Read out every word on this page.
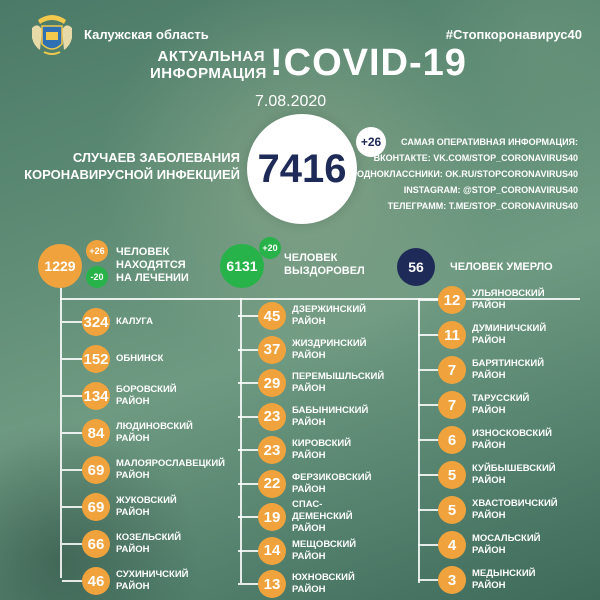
Калужская область	#Стопкоронавирус40
АКТУАЛЬНАЯ
ИНФОРМАЦИЯ !COVID-19
7.08.2020
СЛУЧАЕВ ЗАБОЛЕВАНИЯ
КОРОНАВИРУСНОЙ ИНФЕКЦИЕЙ 7416
+26	САМАЯ ОПЕРАТИВНАЯ ИНФОРМАЦИЯ:
ВКОНТАКТЕ: VK.COM/STOP_CORONAVIRUS40
ОДНОКЛАССНИКИ: OK.RU/STOPCORONAVIRUS40
INSTAGRAM: @STOP_CORONAVIRUS40
ТЕЛЕГРАММ: T.ME/STOP_CORONAVIRUS40
1229
+26
-20
ЧЕЛОВЕК
НАХОДЯТСЯ
НА ЛЕЧЕНИИ
6131
+20
ЧЕЛОВЕК
ВЫЗДОРОВЕЛ	56 ЧЕЛОВЕК УМЕРЛО
324 КАЛУГА
152 ОБНИНСК
134 БОРОВСКИЙ РАЙОН
84	ЛЮДИНОВСКИЙ РАЙОН
69	МАЛОЯРОСЛАВЕЦКИЙ
РАЙОН
69	ЖУКОВСКИЙ РАЙОН
66	КОЗЕЛЬСКИЙ РАЙОН
46	СУХИНИЧСКИЙ РАЙОН
45	ДЗЕРЖИНСКИЙ РАЙОН
37	ЖИЗДРИНСКИЙ РАЙОН
29	ПЕРЕМЫШЛЬСКИЙ
РАЙОН
23	БАБЫНИНСКИЙ РАЙОН
23	КИРОВСКИЙ РАЙОН
22	ФЕРЗИКОВСКИЙ РАЙОН
19
СПАС-ДЕМЕНСКИЙ
РАЙОН
14	МЕЩОВСКИЙ РАЙОН
13	ЮХНОВСКИЙ РАЙОН
12	УЛЬЯНОВСКИЙ РАЙОН
11	ДУМИНИЧСКИЙ РАЙОН
7	БАРЯТИНСКИЙ РАЙОН
7	ТАРУССКИЙ РАЙОН
6	ИЗНОСКОВСКИЙ РАЙОН
5	КУЙБЫШЕВСКИЙ РАЙОН
5	ХВАСТОВИЧСКИЙ РАЙОН
4	МОСАЛЬСКИЙ РАЙОН
3	МЕДЫНСКИЙ РАЙОН
